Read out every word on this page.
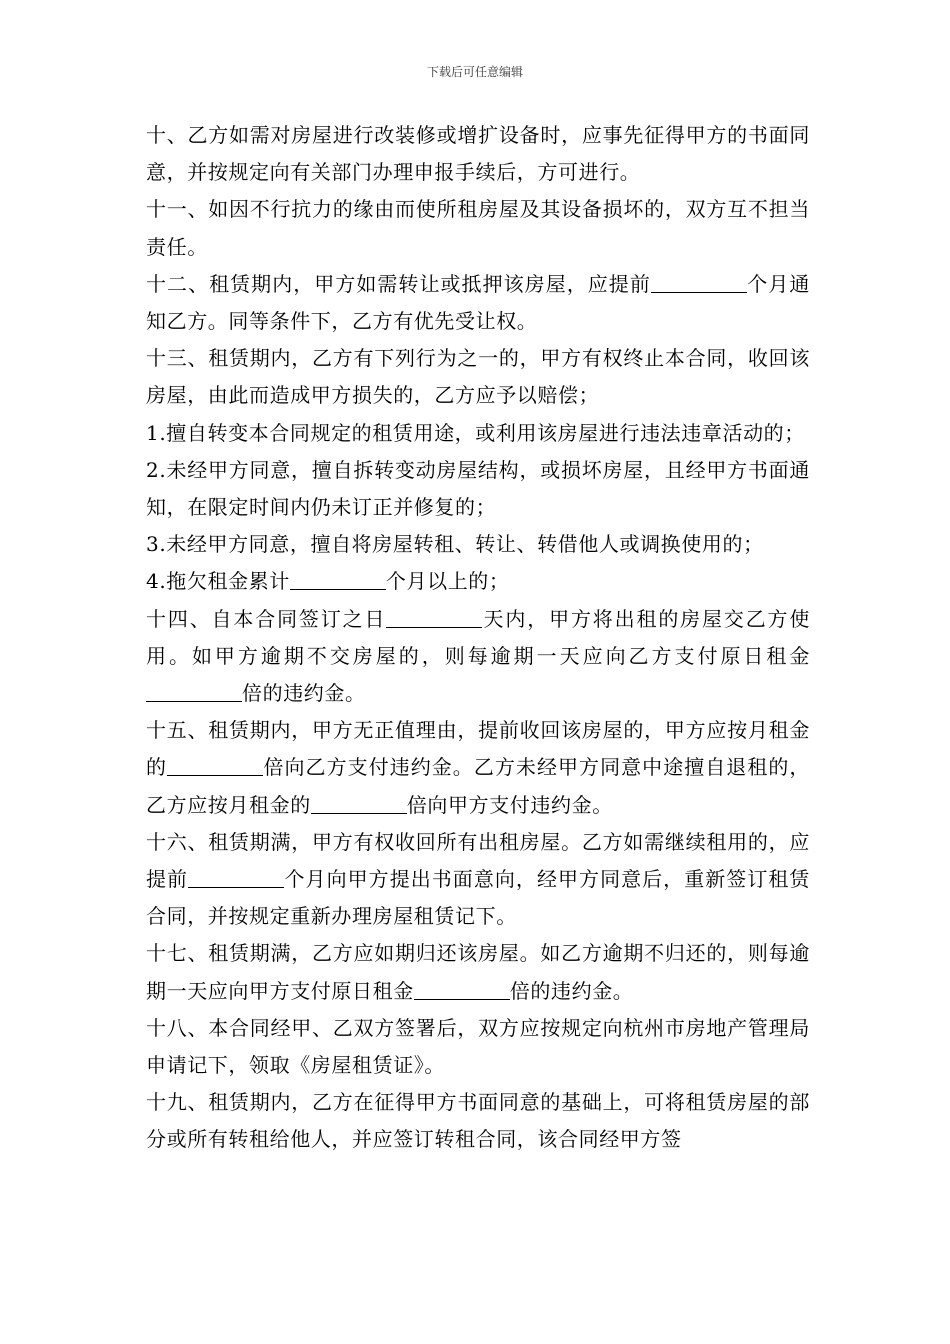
下载后可任意编辑

十、乙方如需对房屋进行改装修或增扩设备时，应事先征得甲方的书面同意，并按规定向有关部门办理申报手续后，方可进行。

十一、如因不行抗力的缘由而使所租房屋及其设备损坏的，双方互不担当责任。

十二、租赁期内，甲方如需转让或抵押该房屋，应提前	个月通知乙方。同等条件下，乙方有优先受让权。

十三、租赁期内，乙方有下列行为之一的，甲方有权终止本合同，收回该房屋，由此而造成甲方损失的，乙方应予以赔偿；

1.擅自转变本合同规定的租赁用途，或利用该房屋进行违法违章活动的；

2.未经甲方同意，擅自拆转变动房屋结构，或损坏房屋，且经甲方书面通知，在限定时间内仍未订正并修复的；

3.未经甲方同意，擅自将房屋转租、转让、转借他人或调换使用的；

4.拖欠租金累计	个月以上的；

十四、自本合同签订之日	天内，甲方将出租的房屋交乙方使用。如甲方逾期不交房屋的，则每逾期一天应向乙方支付原日租金倍的违约金。

十五、租赁期内，甲方无正值理由，提前收回该房屋的，甲方应按月租金的	倍向乙方支付违约金。乙方未经甲方同意中途擅自退租的，乙方应按月租金的	倍向甲方支付违约金。

十六、租赁期满，甲方有权收回所有出租房屋。乙方如需继续租用的，应提前	个月向甲方提出书面意向，经甲方同意后，重新签订租赁合同，并按规定重新办理房屋租赁记下。

十七、租赁期满，乙方应如期归还该房屋。如乙方逾期不归还的，则每逾期一天应向甲方支付原日租金	倍的违约金。

十八、本合同经甲、乙双方签署后，双方应按规定向杭州市房地产管理局申请记下，领取《房屋租赁证》。

十九、租赁期内，乙方在征得甲方书面同意的基础上，可将租赁房屋的部分或所有转租给他人，并应签订转租合同，该合同经甲方签
